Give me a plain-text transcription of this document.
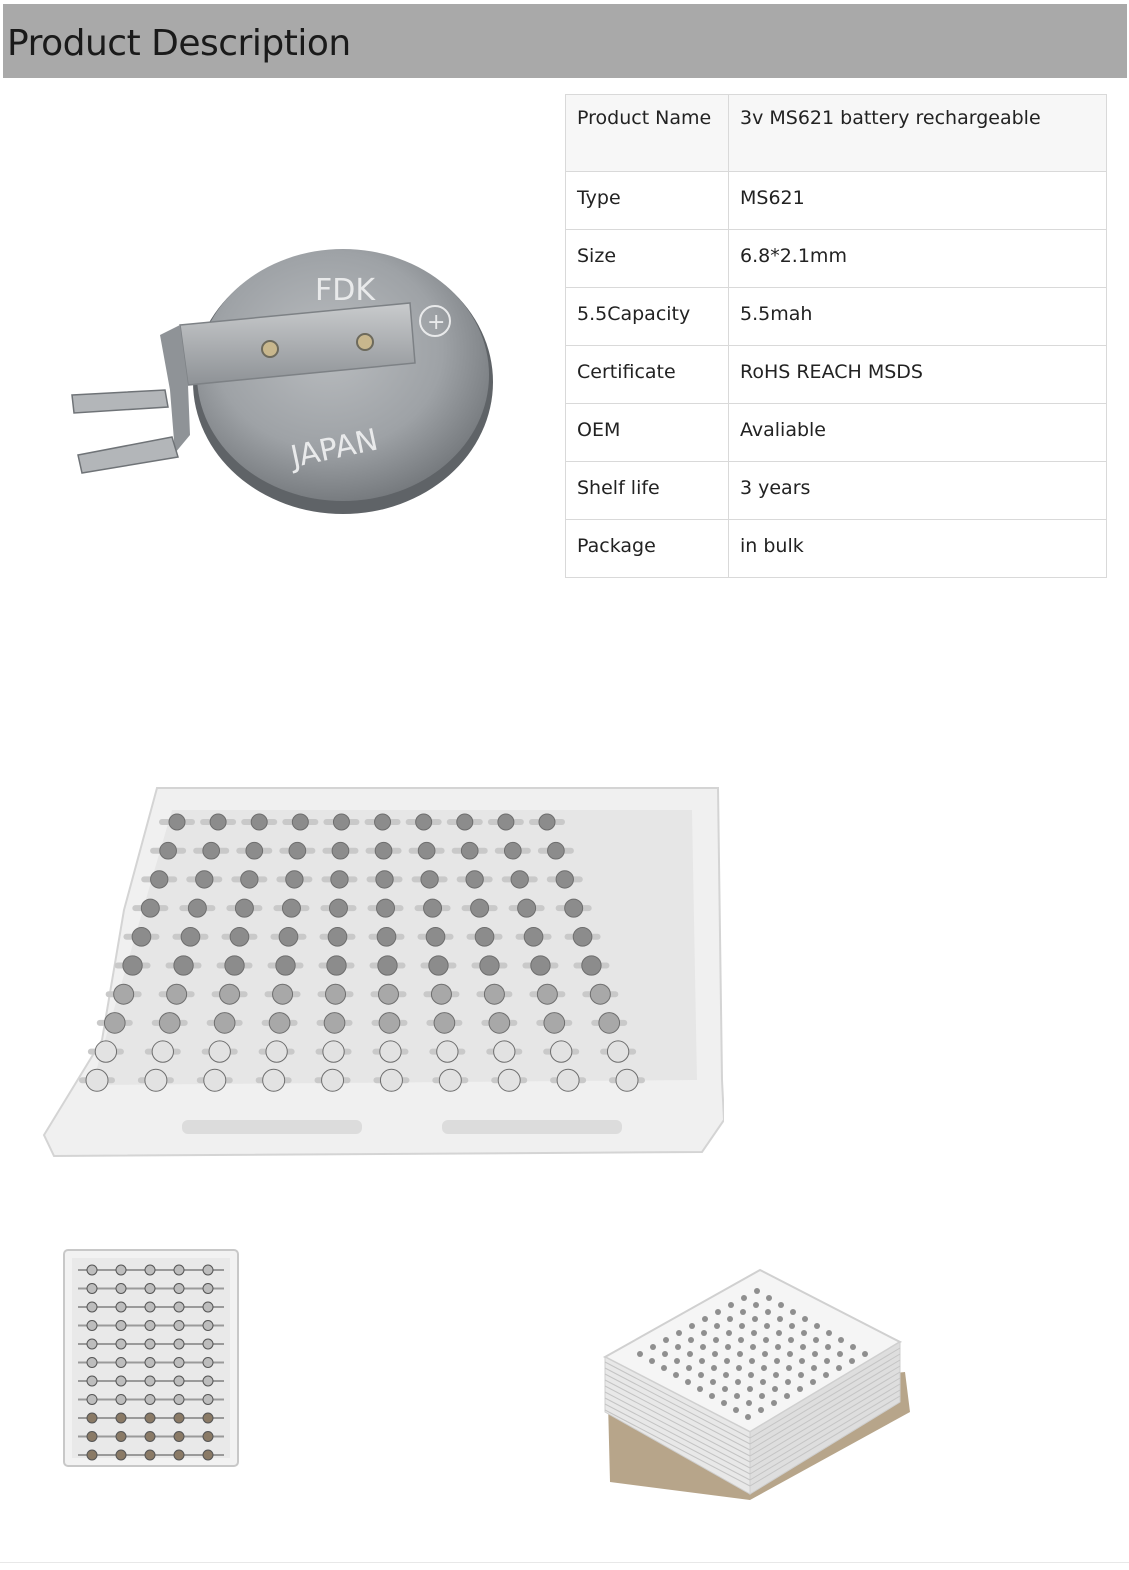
Product Description
FDK
JAPAN
+
Product Name	3v MS621 battery rechargeable
Type	MS621
Size	6.8*2.1mm
5.5Capacity	5.5mah
Certificate	RoHS REACH MSDS
OEM	Avaliable
Shelf life	3 years
Package	in bulk
